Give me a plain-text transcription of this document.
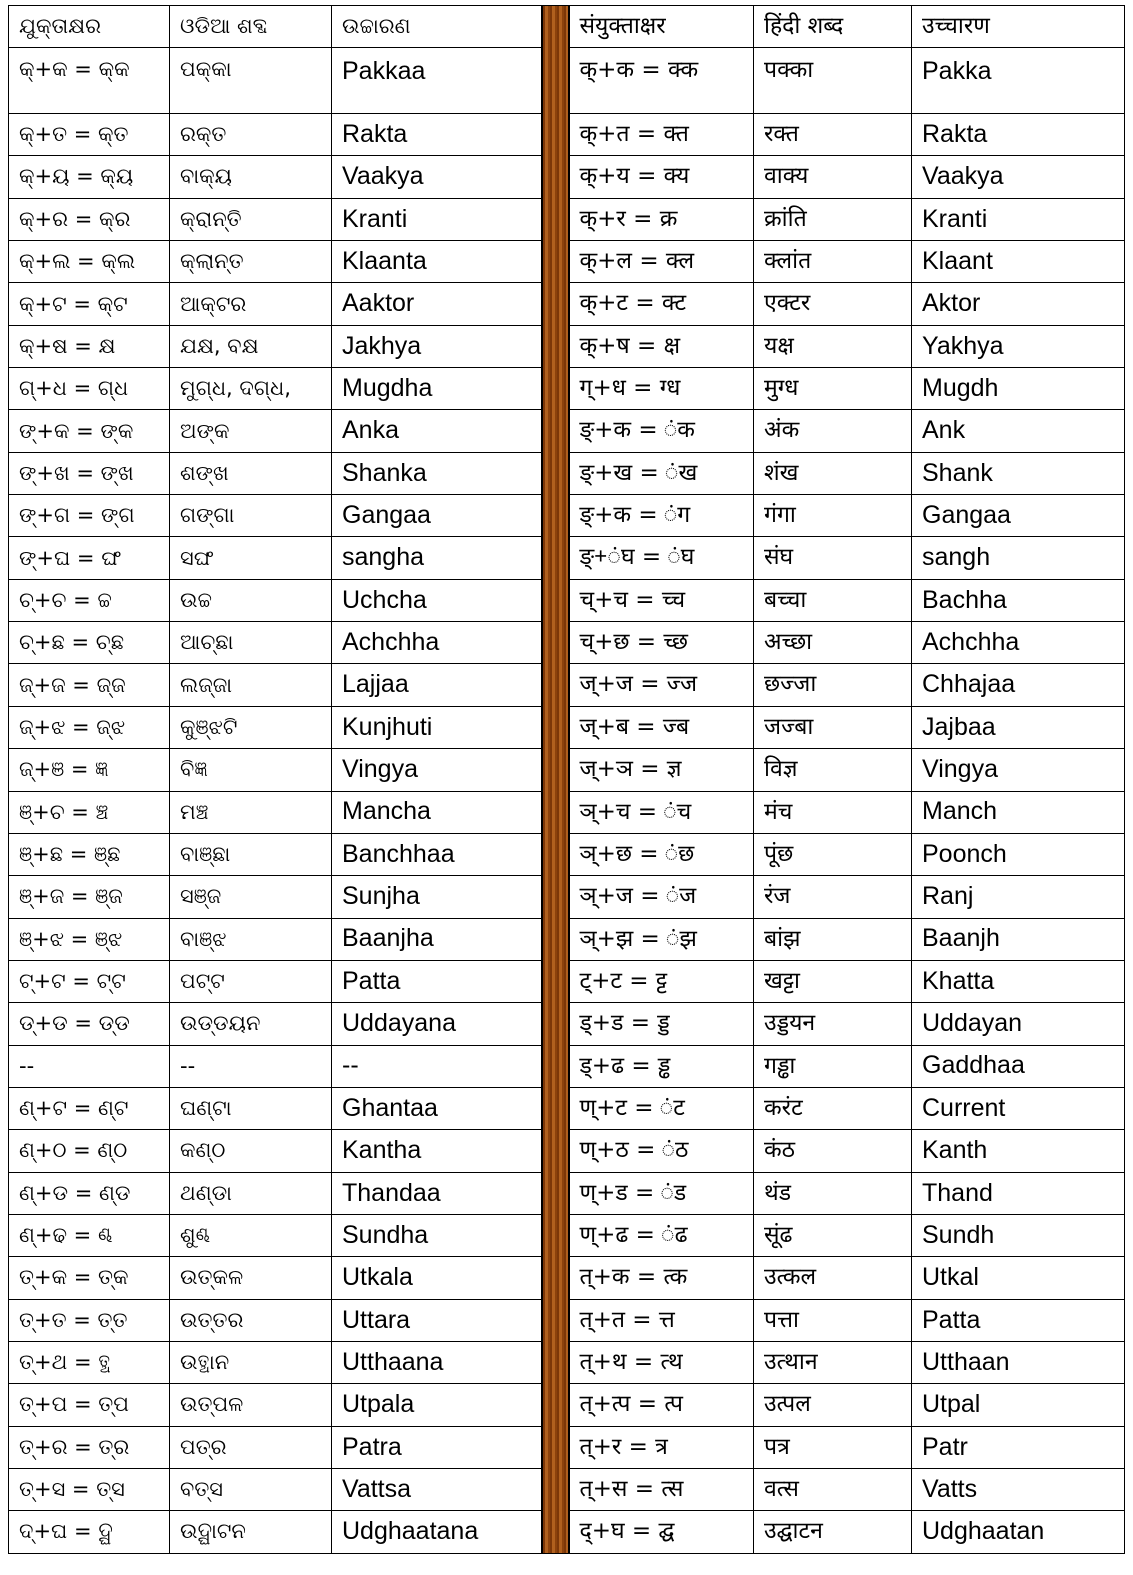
ଯୁକ୍ତାକ୍ଷର	ଓଡିଆ ଶବ୍ଦ	ଉଚ୍ଚାରଣ		संयुक्ताक्षर	हिंदी शब्द	उच्चारण
କ୍+କ = କ୍କ	ପକ୍କା	Pakkaa		क्+क = क्क	पक्का	Pakka
କ୍+ତ = କ୍ତ	ରକ୍ତ	Rakta		क्+त = क्त	रक्त	Rakta
କ୍+ୟ = କ୍ୟ	ବାକ୍ୟ	Vaakya		क्+य = क्य	वाक्य	Vaakya
କ୍+ର = କ୍ର	କ୍ରାନ୍ତି	Kranti		क्+र = क्र	क्रांति	Kranti
କ୍+ଲ = କ୍ଲ	କ୍ଲାନ୍ତ	Klaanta		क्+ल = क्ल	क्लांत	Klaant
କ୍+ଟ = କ୍ଟ	ଆକ୍ଟର	Aaktor		क्+ट = क्ट	एक्टर	Aktor
କ୍+ଷ = କ୍ଷ	ଯକ୍ଷ, ବକ୍ଷ	Jakhya		क्+ष = क्ष	यक्ष	Yakhya
ଗ୍+ଧ = ଗ୍ଧ	ମୁଗ୍ଧ, ଦଗ୍ଧ,	Mugdha		ग्+ध = ग्ध	मुग्ध	Mugdh
ଙ୍+କ = ଙ୍କ	ଅଙ୍କ	Anka		ङ्+क = ंक	अंक	Ank
ଙ୍+ଖ = ଙ୍ଖ	ଶଙ୍ଖ	Shanka		ङ्+ख = ंख	शंख	Shank
ଙ୍+ଗ = ଙ୍ଗ	ଗଙ୍ଗା	Gangaa		ङ्+क = ंग	गंगा	Gangaa
ଙ୍+ଘ = ଙ୍ଘ	ସଙ୍ଘ	sangha		ङ्+ंघ = ंघ	संघ	sangh
ଚ୍+ଚ = ଚ୍ଚ	ଉଚ୍ଚ	Uchcha		च्+च = च्च	बच्चा	Bachha
ଚ୍+ଛ = ଚ୍ଛ	ଆଚ୍ଛା	Achchha		च्+छ = च्छ	अच्छा	Achchha
ଜ୍+ଜ = ଜ୍ଜ	ଲଜ୍ଜା	Lajjaa		ज्+ज = ज्ज	छज्जा	Chhajaa
ଜ୍+ଝ = ଜ୍ଝ	କୁଞ୍ଝଟି	Kunjhuti		ज्+ब = ज्ब	जज्बा	Jajbaa
ଜ୍+ଞ = ଜ୍ଞ	ବିଜ୍ଞ	Vingya		ज्+ञ = ज्ञ	विज्ञ	Vingya
ଞ୍+ଚ = ଞ୍ଚ	ମଞ୍ଚ	Mancha		ञ्+च = ंच	मंच	Manch
ଞ୍+ଛ = ଞ୍ଛ	ବାଞ୍ଛା	Banchhaa		ञ्+छ = ंछ	पूंछ	Poonch
ଞ୍+ଜ = ଞ୍ଜ	ସଞ୍ଜ	Sunjha		ञ्+ज = ंज	रंज	Ranj
ଞ୍+ଝ = ଞ୍ଝ	ବାଞ୍ଝ	Baanjha		ञ्+झ = ंझ	बांझ	Baanjh
ଟ୍+ଟ = ଟ୍ଟ	ପଟ୍ଟ	Patta		ट्+ट = ट्ट	खट्टा	Khatta
ଡ୍+ଡ = ଡ୍ଡ	ଉଡ୍ଡୟନ	Uddayana		ड्+ड = ड्ड	उड्डयन	Uddayan
--	--	--		ड्+ढ = ड्ढ	गड्ढा	Gaddhaa
ଣ୍+ଟ = ଣ୍ଟ	ଘଣ୍ଟା	Ghantaa		ण्+ट = ंट	करंट	Current
ଣ୍+ଠ = ଣ୍ଠ	କଣ୍ଠ	Kantha		ण्+ठ = ंठ	कंठ	Kanth
ଣ୍+ଡ = ଣ୍ଡ	ଥଣ୍ଡା	Thandaa		ण्+ड = ंड	थंड	Thand
ଣ୍+ଢ = ଣ୍ଢ	ଶୁଣ୍ଢ	Sundha		ण्+ढ = ंढ	सूंढ	Sundh
ତ୍+କ = ତ୍କ	ଉତ୍କଳ	Utkala		त्+क = त्क	उत्कल	Utkal
ତ୍+ତ = ତ୍ତ	ଉତ୍ତର	Uttara		त्+त = त्त	पत्ता	Patta
ତ୍+ଥ = ତ୍ଥ	ଉତ୍ଥାନ	Utthaana		त्+थ = त्थ	उत्थान	Utthaan
ତ୍+ପ = ତ୍ପ	ଉତ୍ପଳ	Utpala		त्+त्प = त्प	उत्पल	Utpal
ତ୍+ର = ତ୍ର	ପତ୍ର	Patra		त्+र = त्र	पत्र	Patr
ତ୍+ସ = ତ୍ସ	ବତ୍ସ	Vattsa		त्+स = त्स	वत्स	Vatts
ଦ୍+ଘ = ଦ୍ଘ	ଉଦ୍ଘାଟନ	Udghaatana		द्+घ = द्घ	उद्घाटन	Udghaatan
